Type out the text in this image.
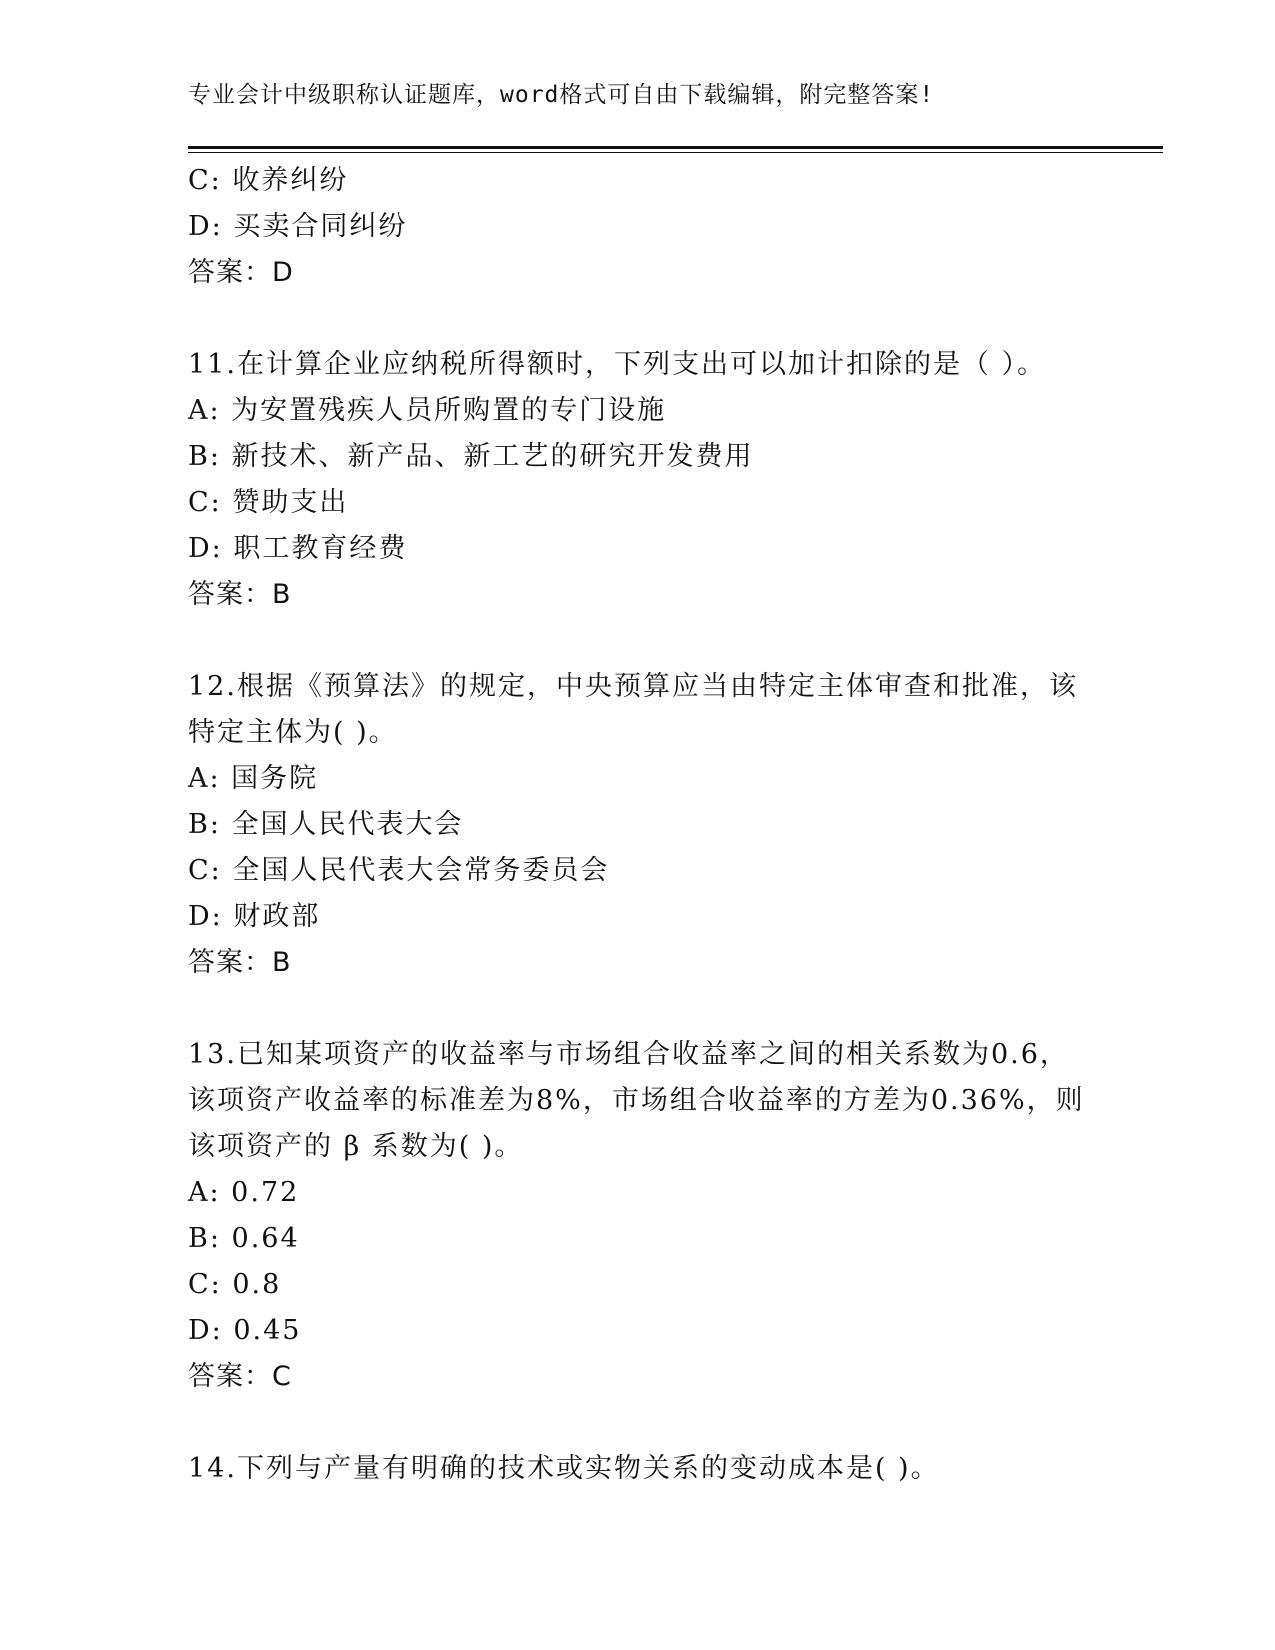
专业会计中级职称认证题库，word格式可自由下载编辑，附完整答案!
C: 收养纠纷
D: 买卖合同纠纷
答案：D
11.在计算企业应纳税所得额时，下列支出可以加计扣除的是（ ）。
A: 为安置残疾人员所购置的专门设施
B: 新技术、新产品、新工艺的研究开发费用
C: 赞助支出
D: 职工教育经费
答案：B
12.根据《预算法》的规定，中央预算应当由特定主体审查和批准，该
特定主体为( )。
A: 国务院
B: 全国人民代表大会
C: 全国人民代表大会常务委员会
D: 财政部
答案：B
13.已知某项资产的收益率与市场组合收益率之间的相关系数为0.6，
该项资产收益率的标准差为8%，市场组合收益率的方差为0.36%，则
该项资产的 β 系数为( )。
A: 0.72
B: 0.64
C: 0.8
D: 0.45
答案：C
14.下列与产量有明确的技术或实物关系的变动成本是( )。
